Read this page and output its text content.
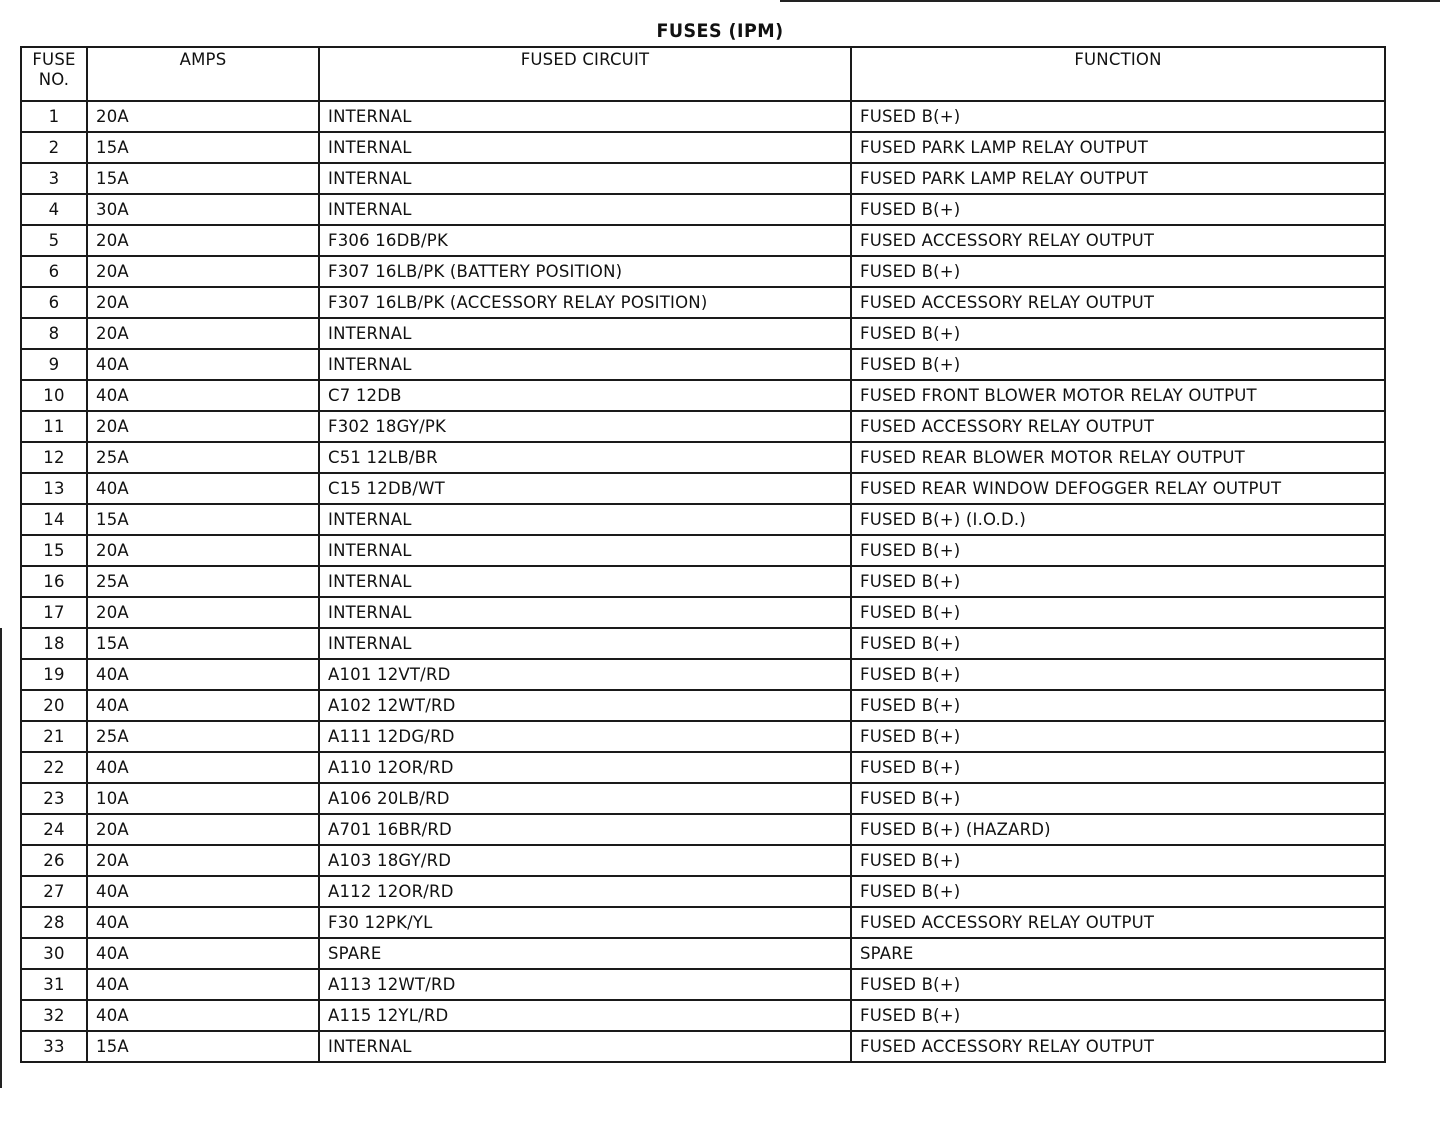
FUSES (IPM)
FUSE
NO.	AMPS	FUSED CIRCUIT	FUNCTION
1	20A	INTERNAL	FUSED B(+)
2	15A	INTERNAL	FUSED PARK LAMP RELAY OUTPUT
3	15A	INTERNAL	FUSED PARK LAMP RELAY OUTPUT
4	30A	INTERNAL	FUSED B(+)
5	20A	F306 16DB/PK	FUSED ACCESSORY RELAY OUTPUT
6	20A	F307 16LB/PK (BATTERY POSITION)	FUSED B(+)
6	20A	F307 16LB/PK (ACCESSORY RELAY POSITION)	FUSED ACCESSORY RELAY OUTPUT
8	20A	INTERNAL	FUSED B(+)
9	40A	INTERNAL	FUSED B(+)
10	40A	C7 12DB	FUSED FRONT BLOWER MOTOR RELAY OUTPUT
11	20A	F302 18GY/PK	FUSED ACCESSORY RELAY OUTPUT
12	25A	C51 12LB/BR	FUSED REAR BLOWER MOTOR RELAY OUTPUT
13	40A	C15 12DB/WT	FUSED REAR WINDOW DEFOGGER RELAY OUTPUT
14	15A	INTERNAL	FUSED B(+) (I.O.D.)
15	20A	INTERNAL	FUSED B(+)
16	25A	INTERNAL	FUSED B(+)
17	20A	INTERNAL	FUSED B(+)
18	15A	INTERNAL	FUSED B(+)
19	40A	A101 12VT/RD	FUSED B(+)
20	40A	A102 12WT/RD	FUSED B(+)
21	25A	A111 12DG/RD	FUSED B(+)
22	40A	A110 12OR/RD	FUSED B(+)
23	10A	A106 20LB/RD	FUSED B(+)
24	20A	A701 16BR/RD	FUSED B(+) (HAZARD)
26	20A	A103 18GY/RD	FUSED B(+)
27	40A	A112 12OR/RD	FUSED B(+)
28	40A	F30 12PK/YL	FUSED ACCESSORY RELAY OUTPUT
30	40A	SPARE	SPARE
31	40A	A113 12WT/RD	FUSED B(+)
32	40A	A115 12YL/RD	FUSED B(+)
33	15A	INTERNAL	FUSED ACCESSORY RELAY OUTPUT
